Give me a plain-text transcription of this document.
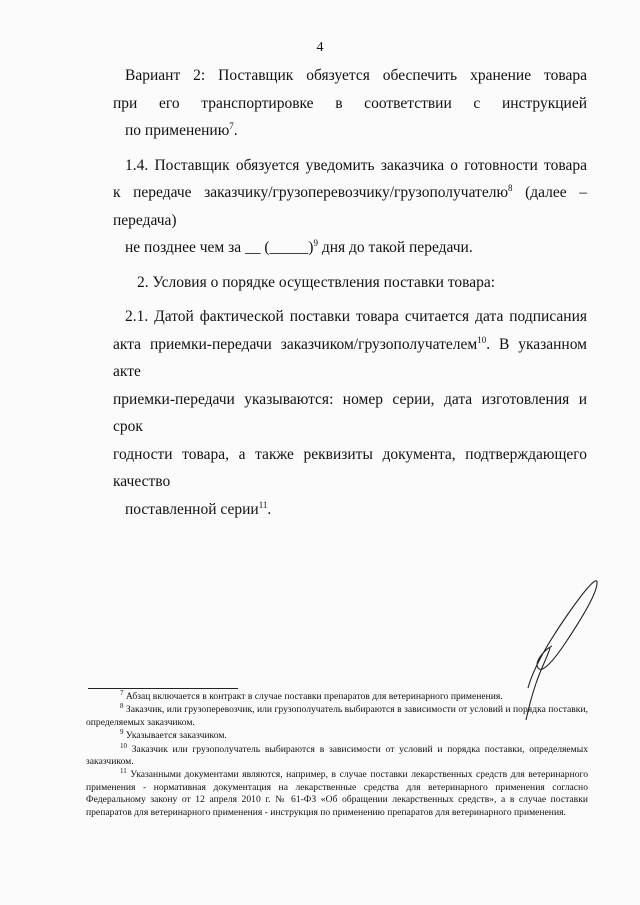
4
Вариант 2: Поставщик обязуется обеспечить хранение товара
при его транспортировке в соответствии с инструкцией
по применению$^7$.
1.4. Поставщик обязуется уведомить заказчика о готовности товара
к передаче заказчику/грузоперевозчику/грузополучателю$^8$ (далее – передача)
не позднее чем за __ (_____)$^9$ дня до такой передачи.
2. Условия о порядке осуществления поставки товара:
2.1. Датой фактической поставки товара считается дата подписания
акта приемки-передачи заказчиком/грузополучателем$^{10}$. В указанном акте
приемки-передачи указываются: номер серии, дата изготовления и срок
годности товара, а также реквизиты документа, подтверждающего качество
поставленной серии$^{11}$.
$^7$ Абзац включается в контракт в случае поставки препаратов для ветеринарного применения.
$^8$ Заказчик, или грузоперевозчик, или грузополучатель выбираются в зависимости от условий и порядка поставки, определяемых заказчиком.
$^9$ Указывается заказчиком.
$^{10}$ Заказчик или грузополучатель выбираются в зависимости от условий и порядка поставки, определяемых заказчиком.
$^{11}$ Указанными документами являются, например, в случае поставки лекарственных средств для ветеринарного применения - нормативная документация на лекарственные средства для ветеринарного применения согласно Федеральному закону от 12 апреля 2010 г. № 61-ФЗ «Об обращении лекарственных средств», а в случае поставки препаратов для ветеринарного применения - инструкция по применению препаратов для ветеринарного применения.
